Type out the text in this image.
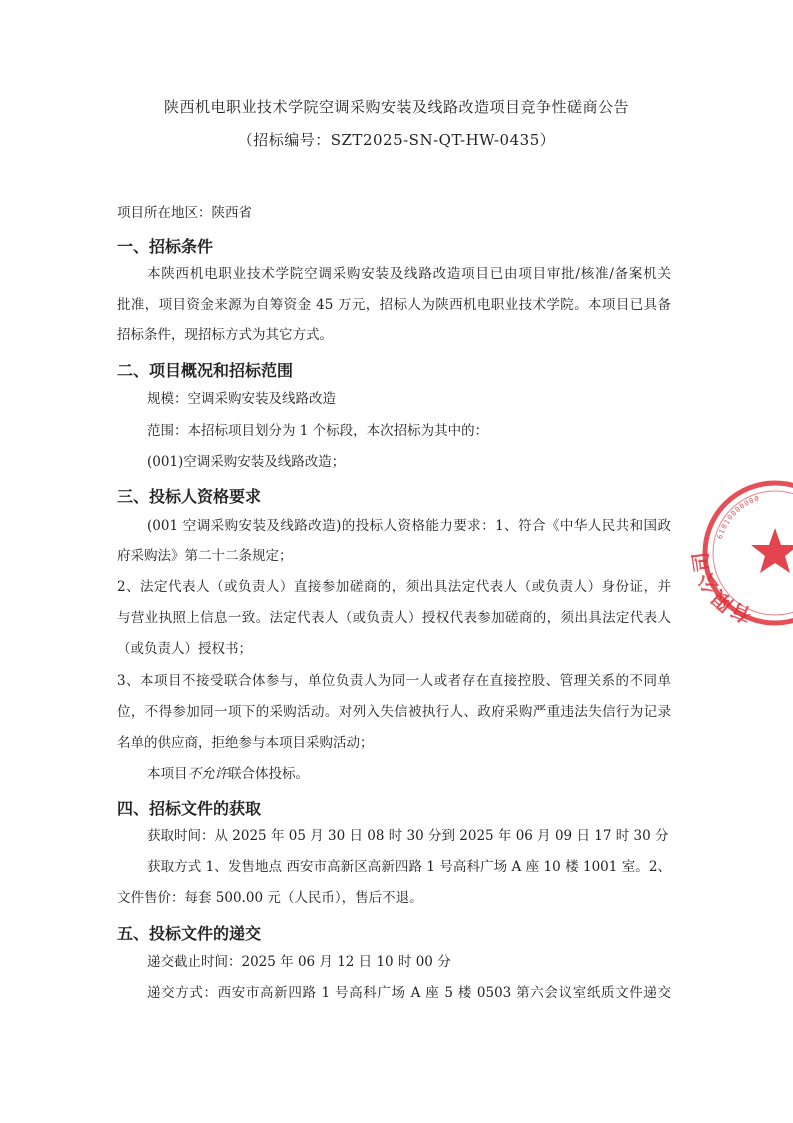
陕西机电职业技术学院空调采购安装及线路改造项目竞争性磋商公告
（招标编号：SZT2025-SN-QT-HW-0435）
项目所在地区：陕西省
一、招标条件
本陕西机电职业技术学院空调采购安装及线路改造项目已由项目审批/核准/备案机关
批准，项目资金来源为自筹资金 45 万元，招标人为陕西机电职业技术学院。本项目已具备
招标条件，现招标方式为其它方式。
二、项目概况和招标范围
规模：空调采购安装及线路改造
范围：本招标项目划分为 1 个标段，本次招标为其中的：
(001)空调采购安装及线路改造；
三、投标人资格要求
(001 空调采购安装及线路改造)的投标人资格能力要求：1、符合《中华人民共和国政
府采购法》第二十二条规定；
2、法定代表人（或负责人）直接参加磋商的，须出具法定代表人（或负责人）身份证，并
与营业执照上信息一致。法定代表人（或负责人）授权代表参加磋商的，须出具法定代表人
（或负责人）授权书；
3、本项目不接受联合体参与，单位负责人为同一人或者存在直接控股、管理关系的不同单
位，不得参加同一项下的采购活动。对列入失信被执行人、政府采购严重违法失信行为记录
名单的供应商，拒绝参与本项目采购活动；
本项目不允许联合体投标。
四、招标文件的获取
获取时间：从 2025 年 05 月 30 日 08 时 30 分到 2025 年 06 月 09 日 17 时 30 分
获取方式 1、发售地点 西安市高新区高新四路 1 号高科广场 A 座 10 楼 1001 室。2、
文件售价：每套 500.00 元（人民币），售后不退。
五、投标文件的递交
递交截止时间：2025 年 06 月 12 日 10 时 00 分
递交方式：西安市高新四路 1 号高科广场 A 座 5 楼 0503 第六会议室纸质文件递交
61010000000
有限公司
